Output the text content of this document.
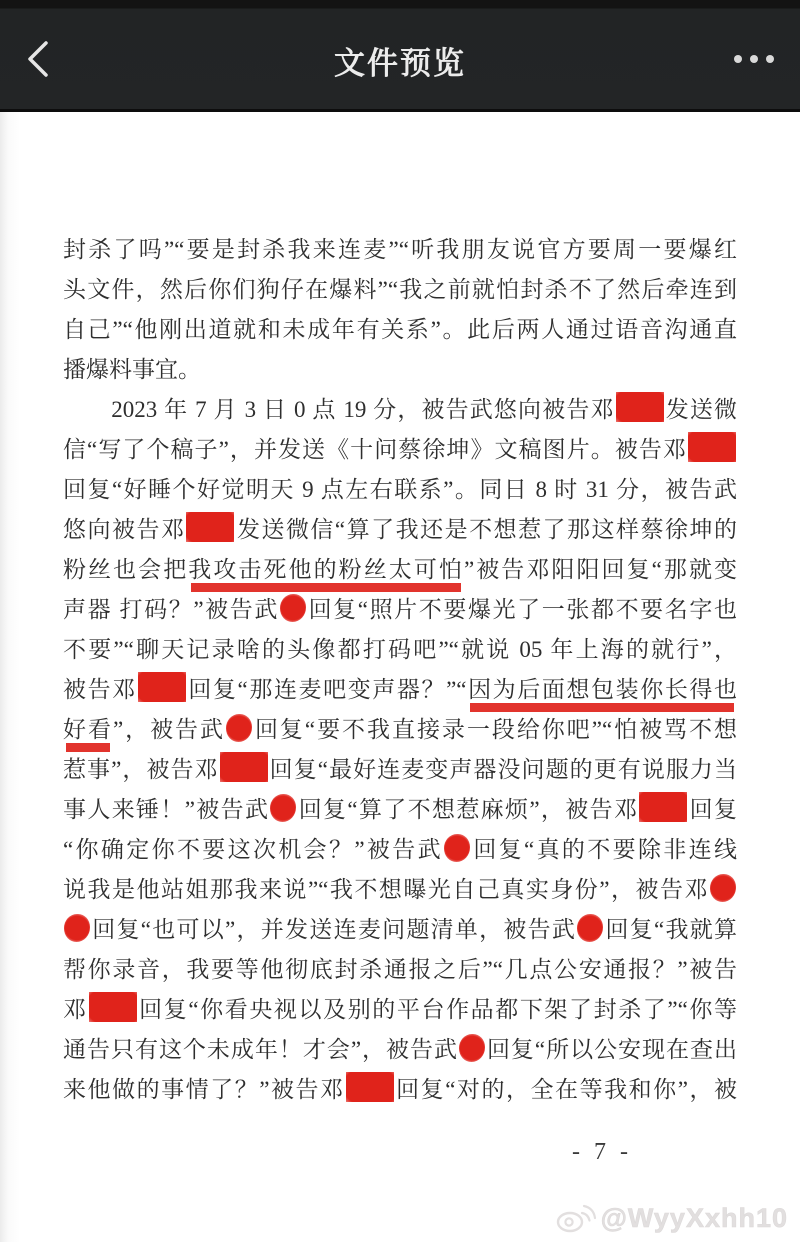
文件预览
封杀了吗”“要是封杀我来连麦”“听我朋友说官方要周一要爆红
头文件，然后你们狗仔在爆料”“我之前就怕封杀不了然后牵连到
自己”“他刚出道就和未成年有关系”。此后两人通过语音沟通直
播爆料事宜。
　　2023 年 7 月 3 日 0 点 19 分，被告武悠向被告邓 发送微
信“写了个稿子”，并发送《十问蔡徐坤》文稿图片。被告邓
回复“好睡个好觉明天 9 点左右联系”。同日 8 时 31 分，被告武
悠向被告邓 发送微信“算了我还是不想惹了那这样蔡徐坤的
粉丝也会把我攻击死他的粉丝太可怕”被告邓阳阳回复“那就变
声器 打码？”被告武 回复“照片不要爆光了一张都不要名字也
不要”“聊天记录啥的头像都打码吧”“就说 05 年上海的就行”，
被告邓 回复“那连麦吧变声器？”“因为后面想包装你长得也
好看”，被告武 回复“要不我直接录一段给你吧”“怕被骂不想
惹事”，被告邓 回复“最好连麦变声器没问题的更有说服力当
事人来锤！”被告武 回复“算了不想惹麻烦”，被告邓 回复
“你确定你不要这次机会？”被告武 回复“真的不要除非连线
说我是他站姐那我来说”“我不想曝光自己真实身份”，被告邓
回复“也可以”，并发送连麦问题清单，被告武 回复“我就算
帮你录音，我要等他彻底封杀通报之后”“几点公安通报？”被告
邓 回复“你看央视以及别的平台作品都下架了封杀了”“你等
通告只有这个未成年！才会”，被告武 回复“所以公安现在查出
来他做的事情了？”被告邓 回复“对的，全在等我和你”，被
- 7 -
@WyyXxhh10
